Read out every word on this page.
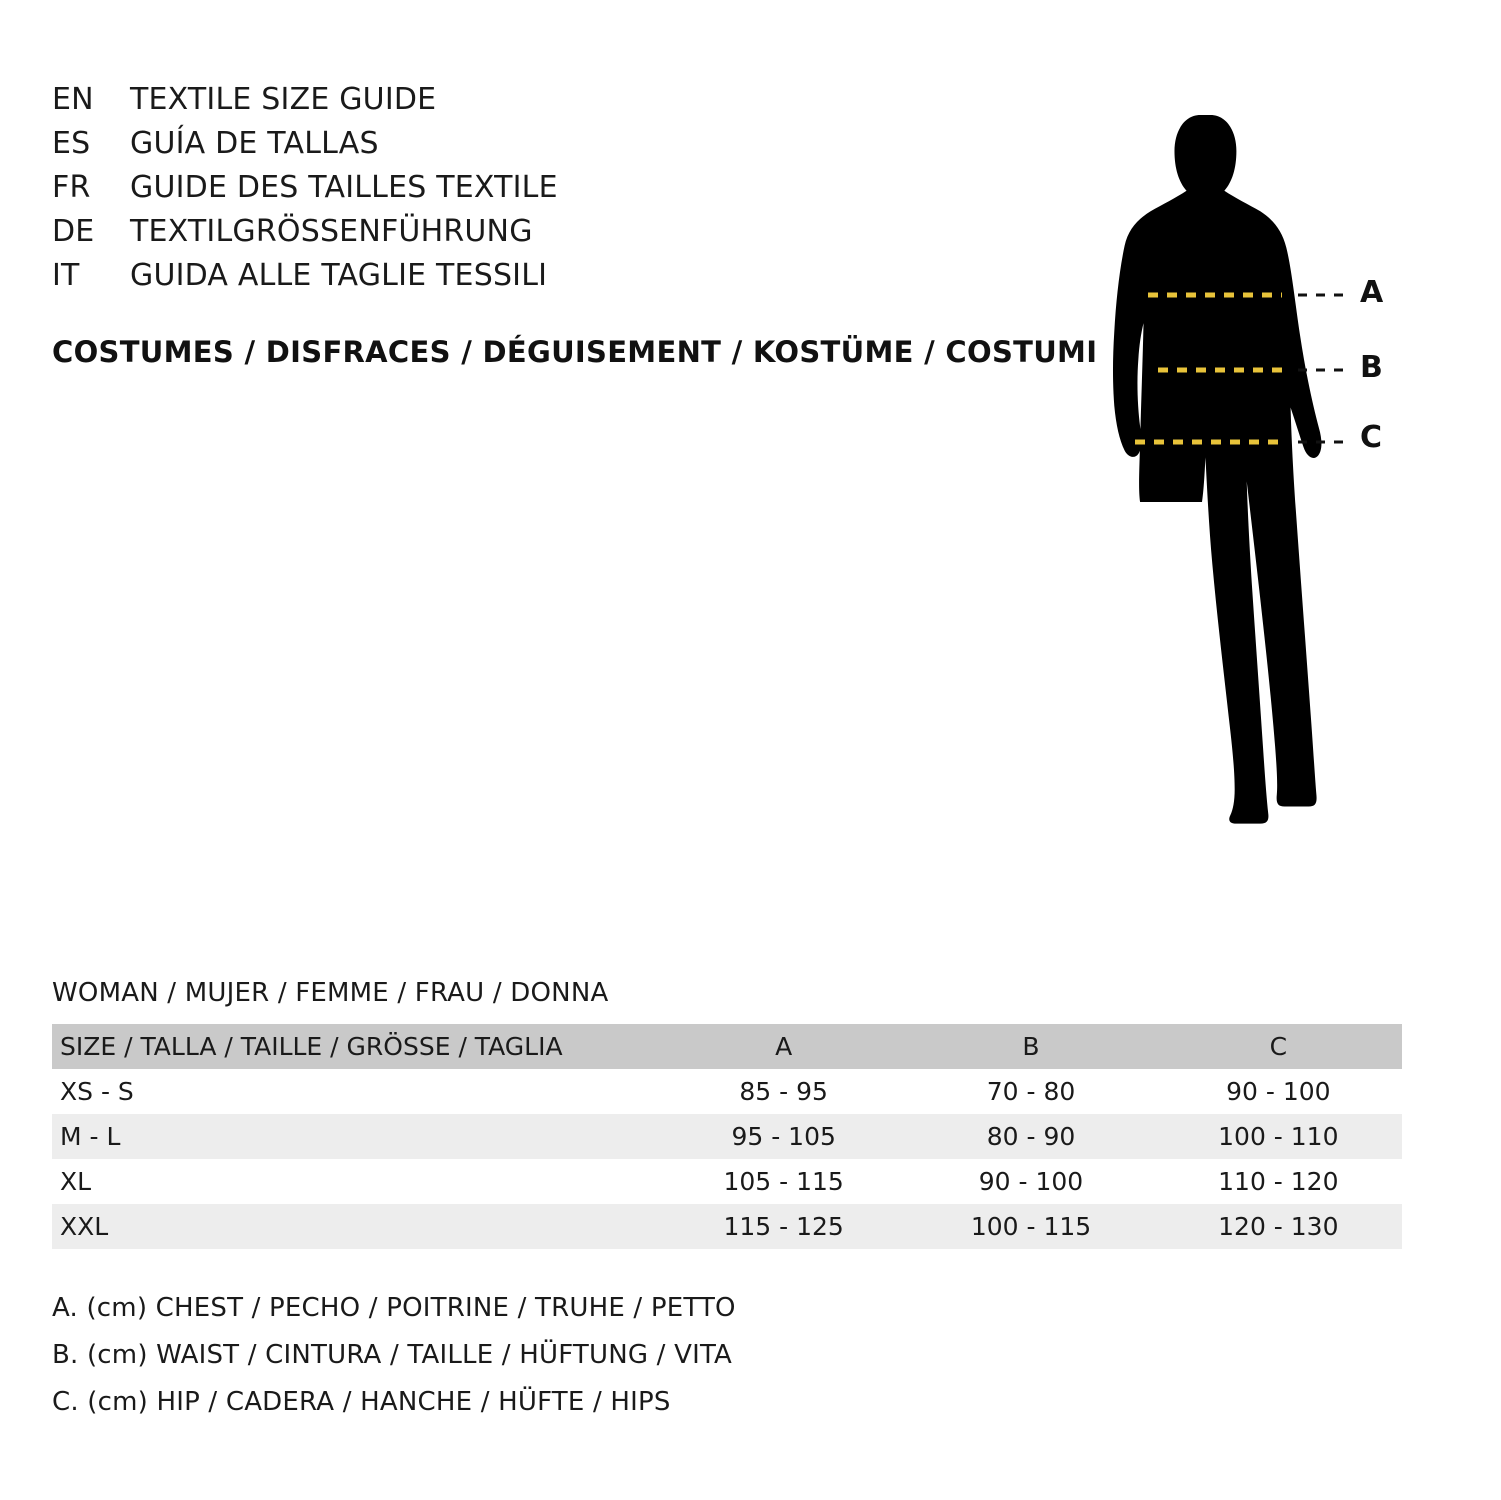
EN	TEXTILE SIZE GUIDE
ES	GUÍA DE TALLAS
FR	GUIDE DES TAILLES TEXTILE
DE	TEXTILGRÖSSENFÜHRUNG
IT	GUIDA ALLE TAGLIE TESSILI
COSTUMES / DISFRACES / DÉGUISEMENT / KOSTÜME / COSTUMI
A
B
C
WOMAN / MUJER / FEMME / FRAU / DONNA
SIZE / TALLA / TAILLE / GRÖSSE / TAGLIA	A	B	C
XS - S	85 - 95	70 - 80	90 - 100
M - L	95 - 105	80 - 90	100 - 110
XL	105 - 115	90 - 100	110 - 120
XXL	115 - 125	100 - 115	120 - 130
A. (cm) CHEST / PECHO / POITRINE / TRUHE / PETTO
B. (cm) WAIST / CINTURA / TAILLE / HÜFTUNG / VITA
C. (cm) HIP / CADERA / HANCHE / HÜFTE / HIPS
